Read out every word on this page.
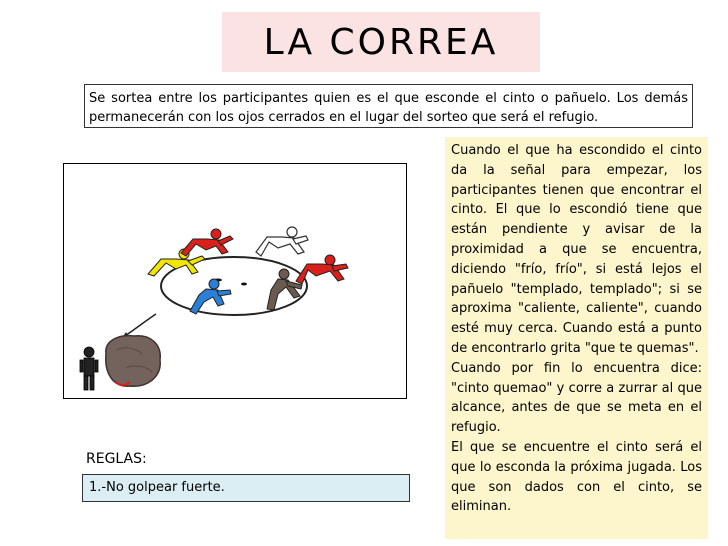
LA CORREA
Se sortea entre los participantes quien es el que esconde el cinto o pañuelo. Los demás permanecerán con los ojos cerrados en el lugar del sorteo que será el refugio.

Cuando el que ha escondido el cinto da la señal para empezar, los participantes tienen que encontrar el cinto. El que lo escondió tiene que están pendiente y avisar de la proximidad a que se encuentra, diciendo "frío, frío", si está lejos el pañuelo "templado, templado"; si se aproxima "caliente, caliente", cuando esté muy cerca. Cuando está a punto de encontrarlo grita "que te quemas".

Cuando por fin lo encuentra dice: "cinto quemao" y corre a zurrar al que alcance, antes de que se meta en el refugio.

El que se encuentre el cinto será el que lo esconda la próxima jugada. Los que son dados con el cinto, se eliminan.

REGLAS:
1.-No golpear fuerte.
